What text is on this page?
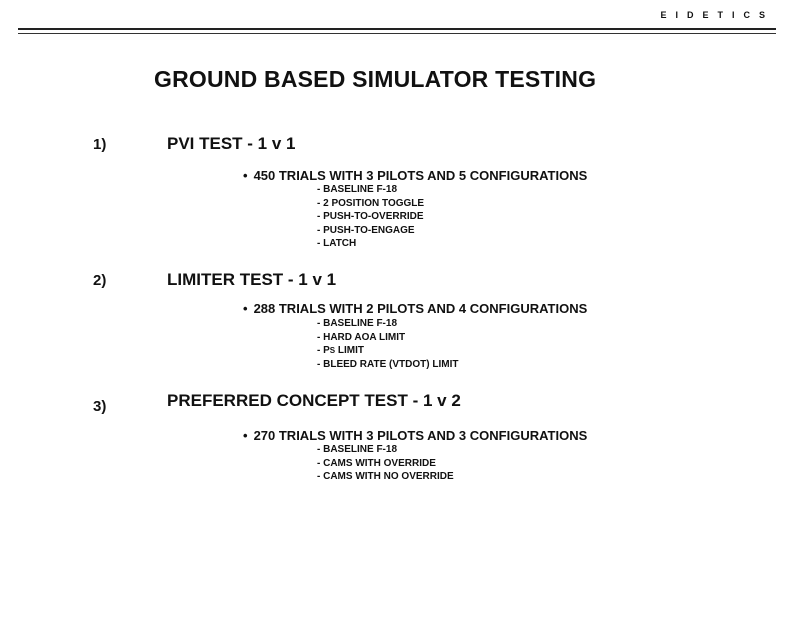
EIDETICS
GROUND BASED SIMULATOR TESTING
1)	PVI TEST - 1 v 1
• 450 TRIALS WITH 3 PILOTS AND 5 CONFIGURATIONS
- BASELINE F-18
- 2 POSITION TOGGLE
- PUSH-TO-OVERRIDE
- PUSH-TO-ENGAGE
- LATCH
2)	LIMITER TEST - 1 v 1
• 288 TRIALS WITH 2 PILOTS AND 4 CONFIGURATIONS
- BASELINE F-18
- HARD AOA LIMIT
- PS LIMIT
- BLEED RATE (VTDOT) LIMIT
3)	PREFERRED CONCEPT TEST - 1 v 2
• 270 TRIALS WITH 3 PILOTS AND 3 CONFIGURATIONS
- BASELINE F-18
- CAMS WITH OVERRIDE
- CAMS WITH NO OVERRIDE
